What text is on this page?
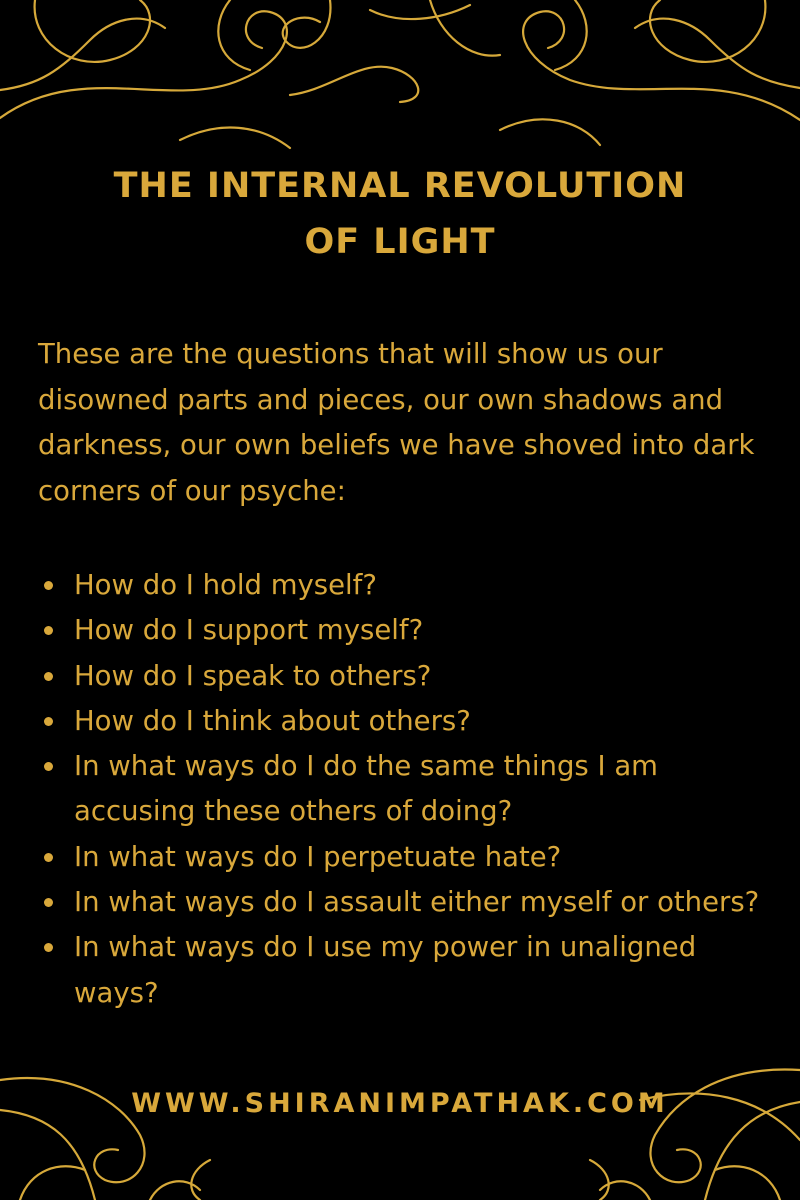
THE INTERNAL REVOLUTION
OF LIGHT

These are the questions that will show us our disowned parts and pieces, our own shadows and darkness, our own beliefs we have shoved into dark corners of our psyche:

How do I hold myself?
How do I support myself?
How do I speak to others?
How do I think about others?
In what ways do I do the same things I am accusing these others of doing?
In what ways do I perpetuate hate?
In what ways do I assault either myself or others?
In what ways do I use my power in unaligned ways?
WWW.SHIRANIMPATHAK.COM
